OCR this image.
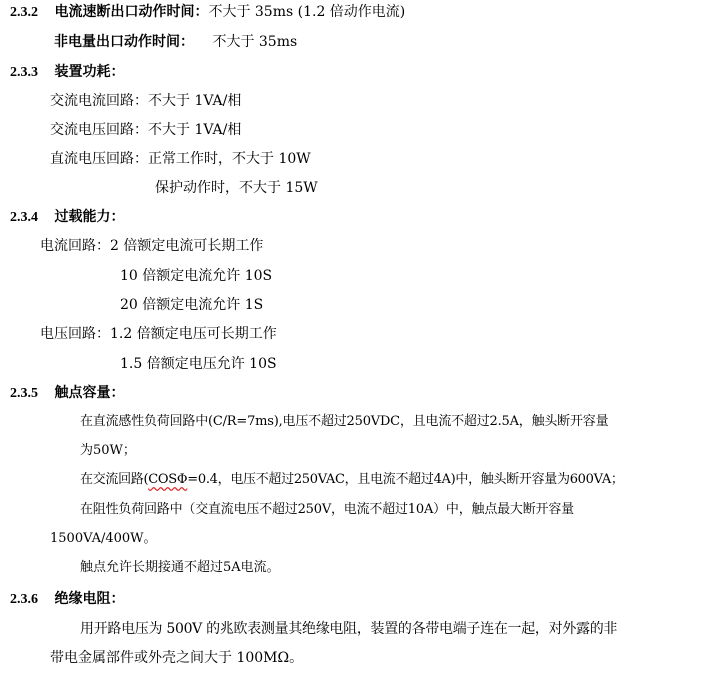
2.3.2 电流速断出口动作时间：不大于 35ms (1.2 倍动作电流)
非电量出口动作时间： 不大于 35ms
2.3.3 装置功耗：
交流电流回路：不大于 1VA/相
交流电压回路：不大于 1VA/相
直流电压回路：正常工作时，不大于 10W
保护动作时，不大于 15W
2.3.4 过载能力：
电流回路：2 倍额定电流可长期工作
10 倍额定电流允许 10S
20 倍额定电流允许 1S
电压回路：1.2 倍额定电压可长期工作
1.5 倍额定电压允许 10S
2.3.5 触点容量：
在直流感性负荷回路中(C/R=7ms),电压不超过250VDC，且电流不超过2.5A，触头断开容量
为50W；
在交流回路(COSΦ=0.4，电压不超过250VAC，且电流不超过4A)中，触头断开容量为600VA；
在阻性负荷回路中（交直流电压不超过250V，电流不超过10A）中，触点最大断开容量
1500VA/400W。
触点允许长期接通不超过5A电流。
2.3.6 绝缘电阻：
用开路电压为 500V 的兆欧表测量其绝缘电阻，装置的各带电端子连在一起，对外露的非
带电金属部件或外壳之间大于 100MΩ。
